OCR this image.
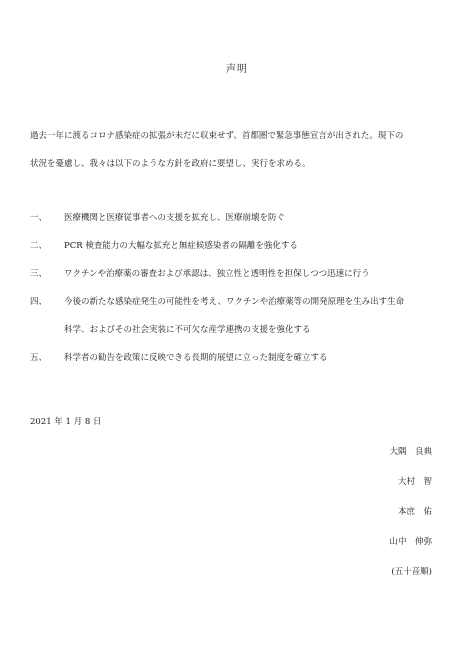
声明
過去一年に渡るコロナ感染症の拡張が未だに収束せず、首都圏で緊急事態宣言が出された。現下の
状況を憂慮し、我々は以下のような方針を政府に要望し、実行を求める。
一、	医療機関と医療従事者への支援を拡充し、医療崩壊を防ぐ
二、	PCR 検査能力の大幅な拡充と無症候感染者の隔離を強化する
三、	ワクチンや治療薬の審査および承認は、独立性と透明性を担保しつつ迅速に行う
四、	今後の新たな感染症発生の可能性を考え、ワクチンや治療薬等の開発原理を生み出す生命
科学、およびその社会実装に不可欠な産学連携の支援を強化する
五、	科学者の勧告を政策に反映できる長期的展望に立った制度を確立する
2021 年 1 月 8 日
大隅　良典
大村　智
本庶　佑
山中　伸弥
(五十音順)
